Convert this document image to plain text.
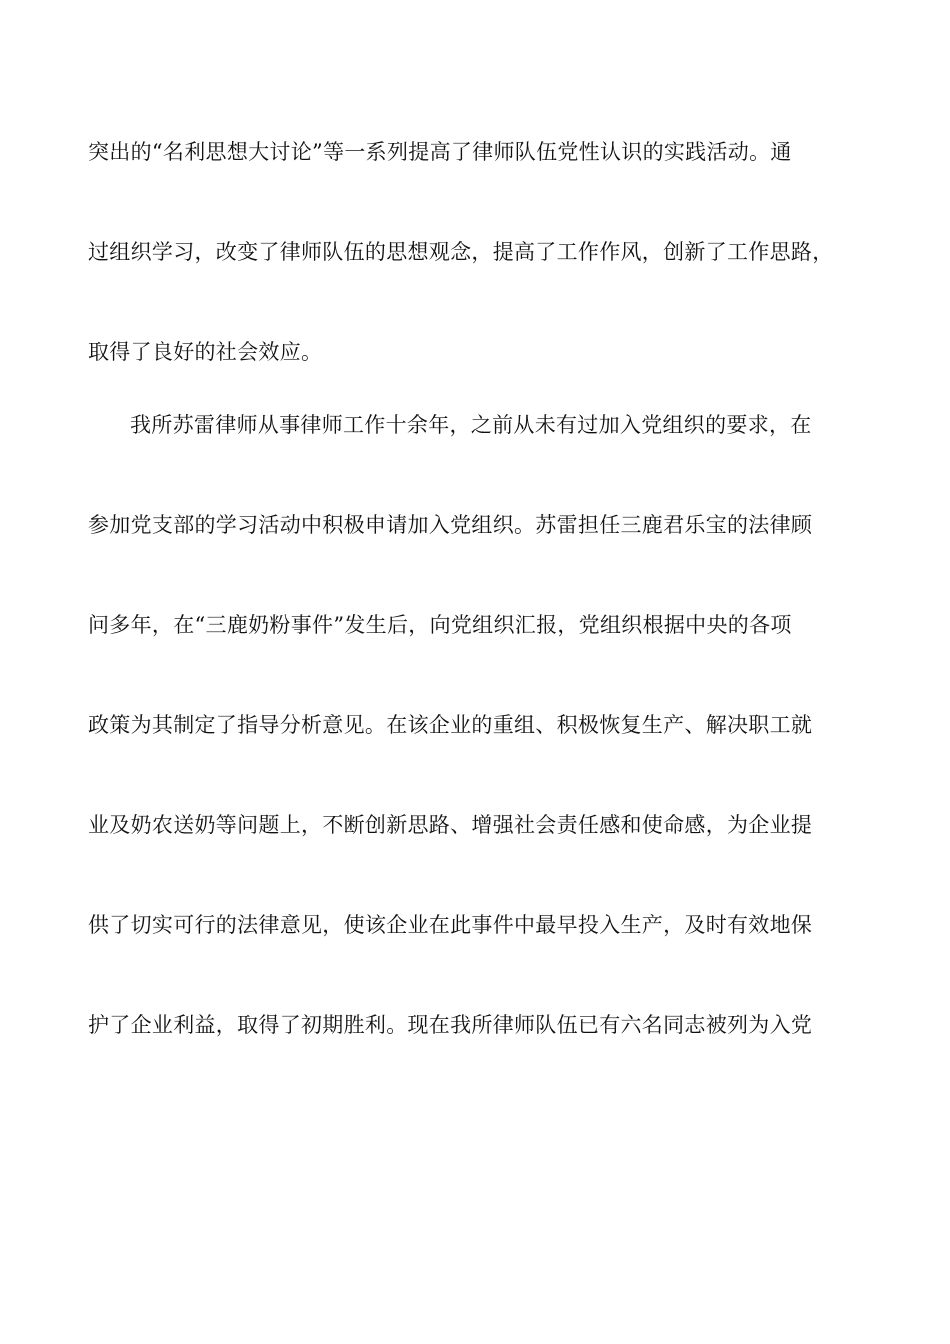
突出的“名利思想大讨论”等一系列提高了律师队伍党性认识的实践活动。通
过组织学习，改变了律师队伍的思想观念，提高了工作作风，创新了工作思路，
取得了良好的社会效应。
我所苏雷律师从事律师工作十余年，之前从未有过加入党组织的要求，在
参加党支部的学习活动中积极申请加入党组织。苏雷担任三鹿君乐宝的法律顾
问多年，在“三鹿奶粉事件”发生后，向党组织汇报，党组织根据中央的各项
政策为其制定了指导分析意见。在该企业的重组、积极恢复生产、解决职工就
业及奶农送奶等问题上，不断创新思路、增强社会责任感和使命感，为企业提
供了切实可行的法律意见，使该企业在此事件中最早投入生产，及时有效地保
护了企业利益，取得了初期胜利。现在我所律师队伍已有六名同志被列为入党
